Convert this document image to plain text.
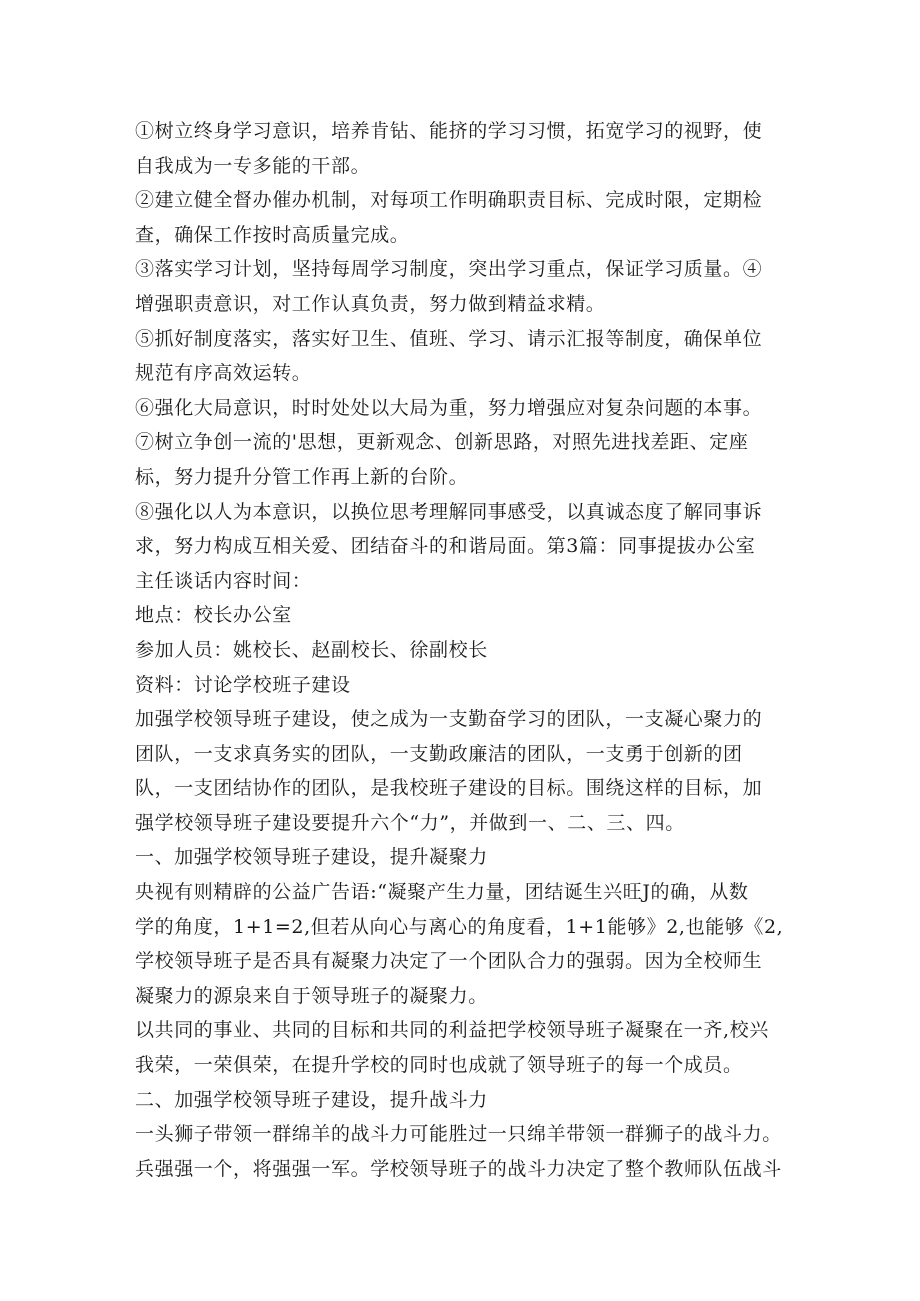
①树立终身学习意识，培养肯钻、能挤的学习习惯，拓宽学习的视野，使
自我成为一专多能的干部。
②建立健全督办催办机制，对每项工作明确职责目标、完成时限，定期检
查，确保工作按时高质量完成。
③落实学习计划，坚持每周学习制度，突出学习重点，保证学习质量。④
增强职责意识，对工作认真负责，努力做到精益求精。
⑤抓好制度落实，落实好卫生、值班、学习、请示汇报等制度，确保单位
规范有序高效运转。
⑥强化大局意识，时时处处以大局为重，努力增强应对复杂问题的本事。
⑦树立争创一流的'思想，更新观念、创新思路，对照先进找差距、定座
标，努力提升分管工作再上新的台阶。
⑧强化以人为本意识，以换位思考理解同事感受，以真诚态度了解同事诉
求，努力构成互相关爱、团结奋斗的和谐局面。第3篇：同事提拔办公室
主任谈话内容时间：
地点：校长办公室
参加人员：姚校长、赵副校长、徐副校长
资料：讨论学校班子建设
加强学校领导班子建设，使之成为一支勤奋学习的团队，一支凝心聚力的
团队，一支求真务实的团队，一支勤政廉洁的团队，一支勇于创新的团
队，一支团结协作的团队，是我校班子建设的目标。围绕这样的目标，加
强学校领导班子建设要提升六个“力”，并做到一、二、三、四。
一、加强学校领导班子建设，提升凝聚力
央视有则精辟的公益广告语:“凝聚产生力量，团结诞生兴旺J的确，从数
学的角度，1+1=2,但若从向心与离心的角度看，1+1能够》2,也能够《2,
学校领导班子是否具有凝聚力决定了一个团队合力的强弱。因为全校师生
凝聚力的源泉来自于领导班子的凝聚力。
以共同的事业、共同的目标和共同的利益把学校领导班子凝聚在一齐,校兴
我荣，一荣俱荣，在提升学校的同时也成就了领导班子的每一个成员。
二、加强学校领导班子建设，提升战斗力
一头狮子带领一群绵羊的战斗力可能胜过一只绵羊带领一群狮子的战斗力。
兵强强一个，将强强一军。学校领导班子的战斗力决定了整个教师队伍战斗
